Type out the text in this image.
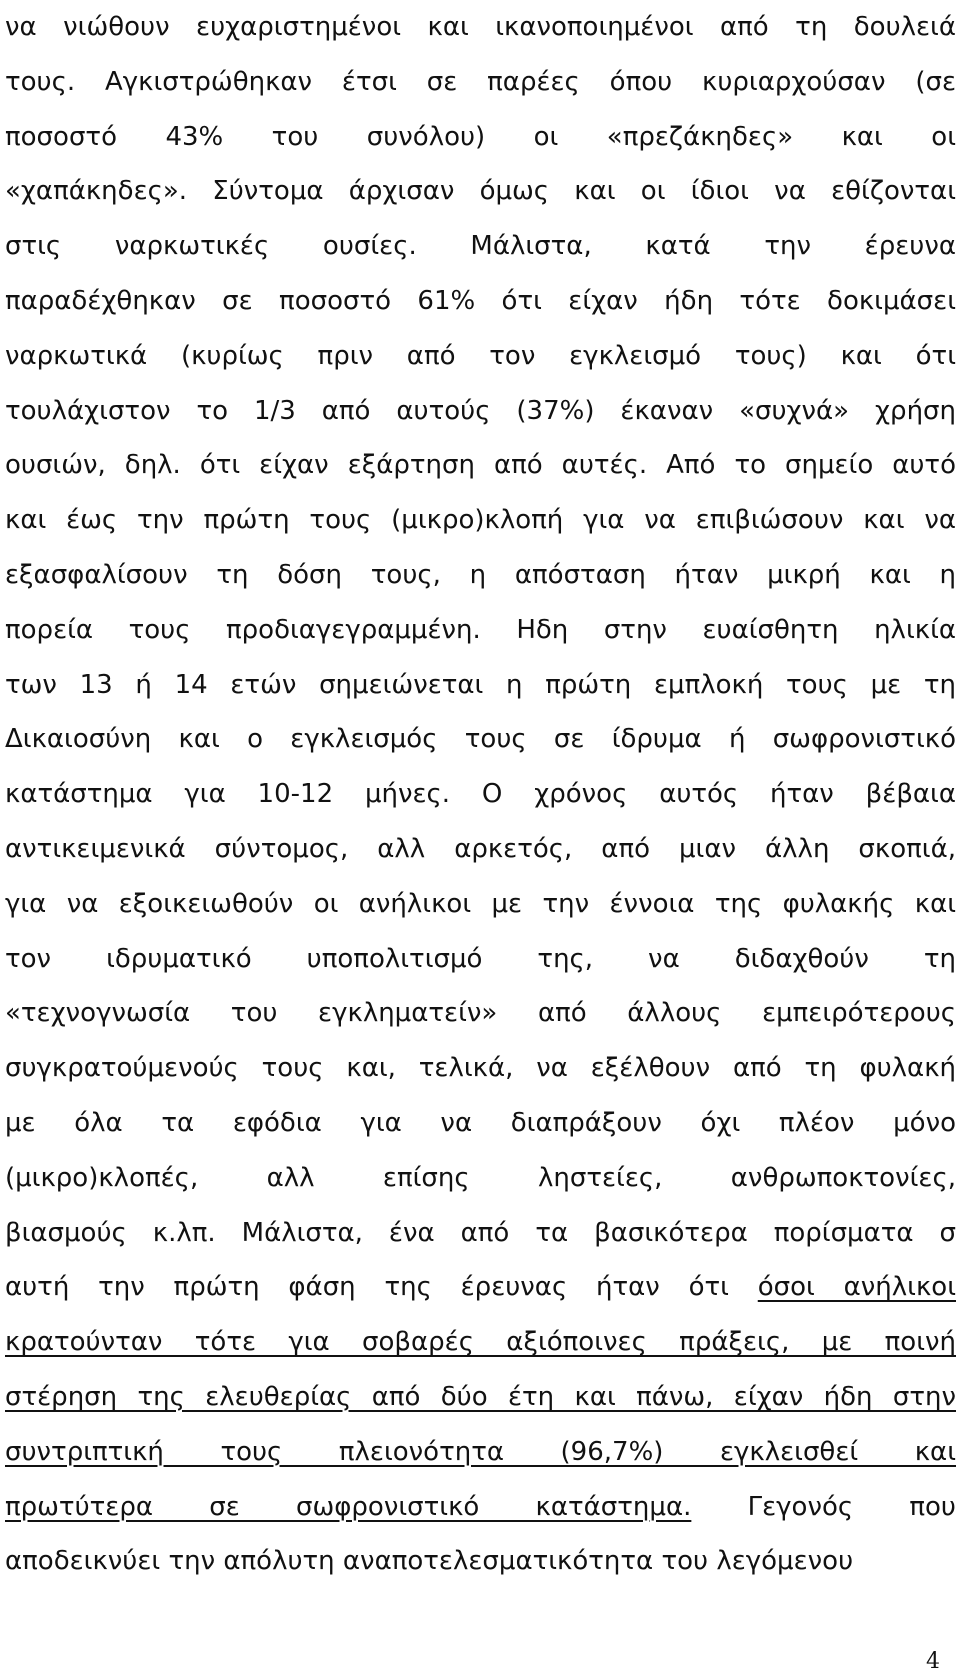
να νιώθουν ευχαριστημένοι και ικανοποιημένοι από τη δουλειά
τους. Αγκιστρώθηκαν έτσι σε παρέες όπου κυριαρχούσαν (σε
ποσοστό 43% του συνόλου) οι «πρεζάκηδες» και οι
«χαπάκηδες». Σύντομα άρχισαν όμως και οι ίδιοι να εθίζονται
στις ναρκωτικές ουσίες. Μάλιστα, κατά την έρευνα
παραδέχθηκαν σε ποσοστό 61% ότι είχαν ήδη τότε δοκιμάσει
ναρκωτικά (κυρίως πριν από τον εγκλεισμό τους) και ότι
τουλάχιστον το 1/3 από αυτούς (37%) έκαναν «συχνά» χρήση
ουσιών, δηλ. ότι είχαν εξάρτηση από αυτές. Από το σημείο αυτό
και έως την πρώτη τους (μικρο)κλοπή για να επιβιώσουν και να
εξασφαλίσουν τη δόση τους, η απόσταση ήταν μικρή και η
πορεία τους προδιαγεγραμμένη. Ηδη στην ευαίσθητη ηλικία
των 13 ή 14 ετών σημειώνεται η πρώτη εμπλοκή τους με τη
Δικαιοσύνη και ο εγκλεισμός τους σε ίδρυμα ή σωφρονιστικό
κατάστημα για 10-12 μήνες. Ο χρόνος αυτός ήταν βέβαια
αντικειμενικά σύντομος, αλλ αρκετός, από μιαν άλλη σκοπιά,
για να εξοικειωθούν οι ανήλικοι με την έννοια της φυλακής και
τον ιδρυματικό υποπολιτισμό της, να διδαχθούν τη
«τεχνογνωσία του εγκληματείν» από άλλους εμπειρότερους
συγκρατούμενούς τους και, τελικά, να εξέλθουν από τη φυλακή
με όλα τα εφόδια για να διαπράξουν όχι πλέον μόνο
(μικρο)κλοπές, αλλ επίσης ληστείες, ανθρωποκτονίες,
βιασμούς κ.λπ. Μάλιστα, ένα από τα βασικότερα πορίσματα σ
αυτή την πρώτη φάση της έρευνας ήταν ότι όσοι ανήλικοι
κρατούνταν τότε για σοβαρές αξιόποινες πράξεις, με ποινή
στέρηση της ελευθερίας από δύο έτη και πάνω, είχαν ήδη στην
συντριπτική τους πλειονότητα (96,7%) εγκλεισθεί και
πρωτύτερα σε σωφρονιστικό κατάστημα. Γεγονός που
αποδεικνύει την απόλυτη αναποτελεσματικότητα του λεγόμενου
4
